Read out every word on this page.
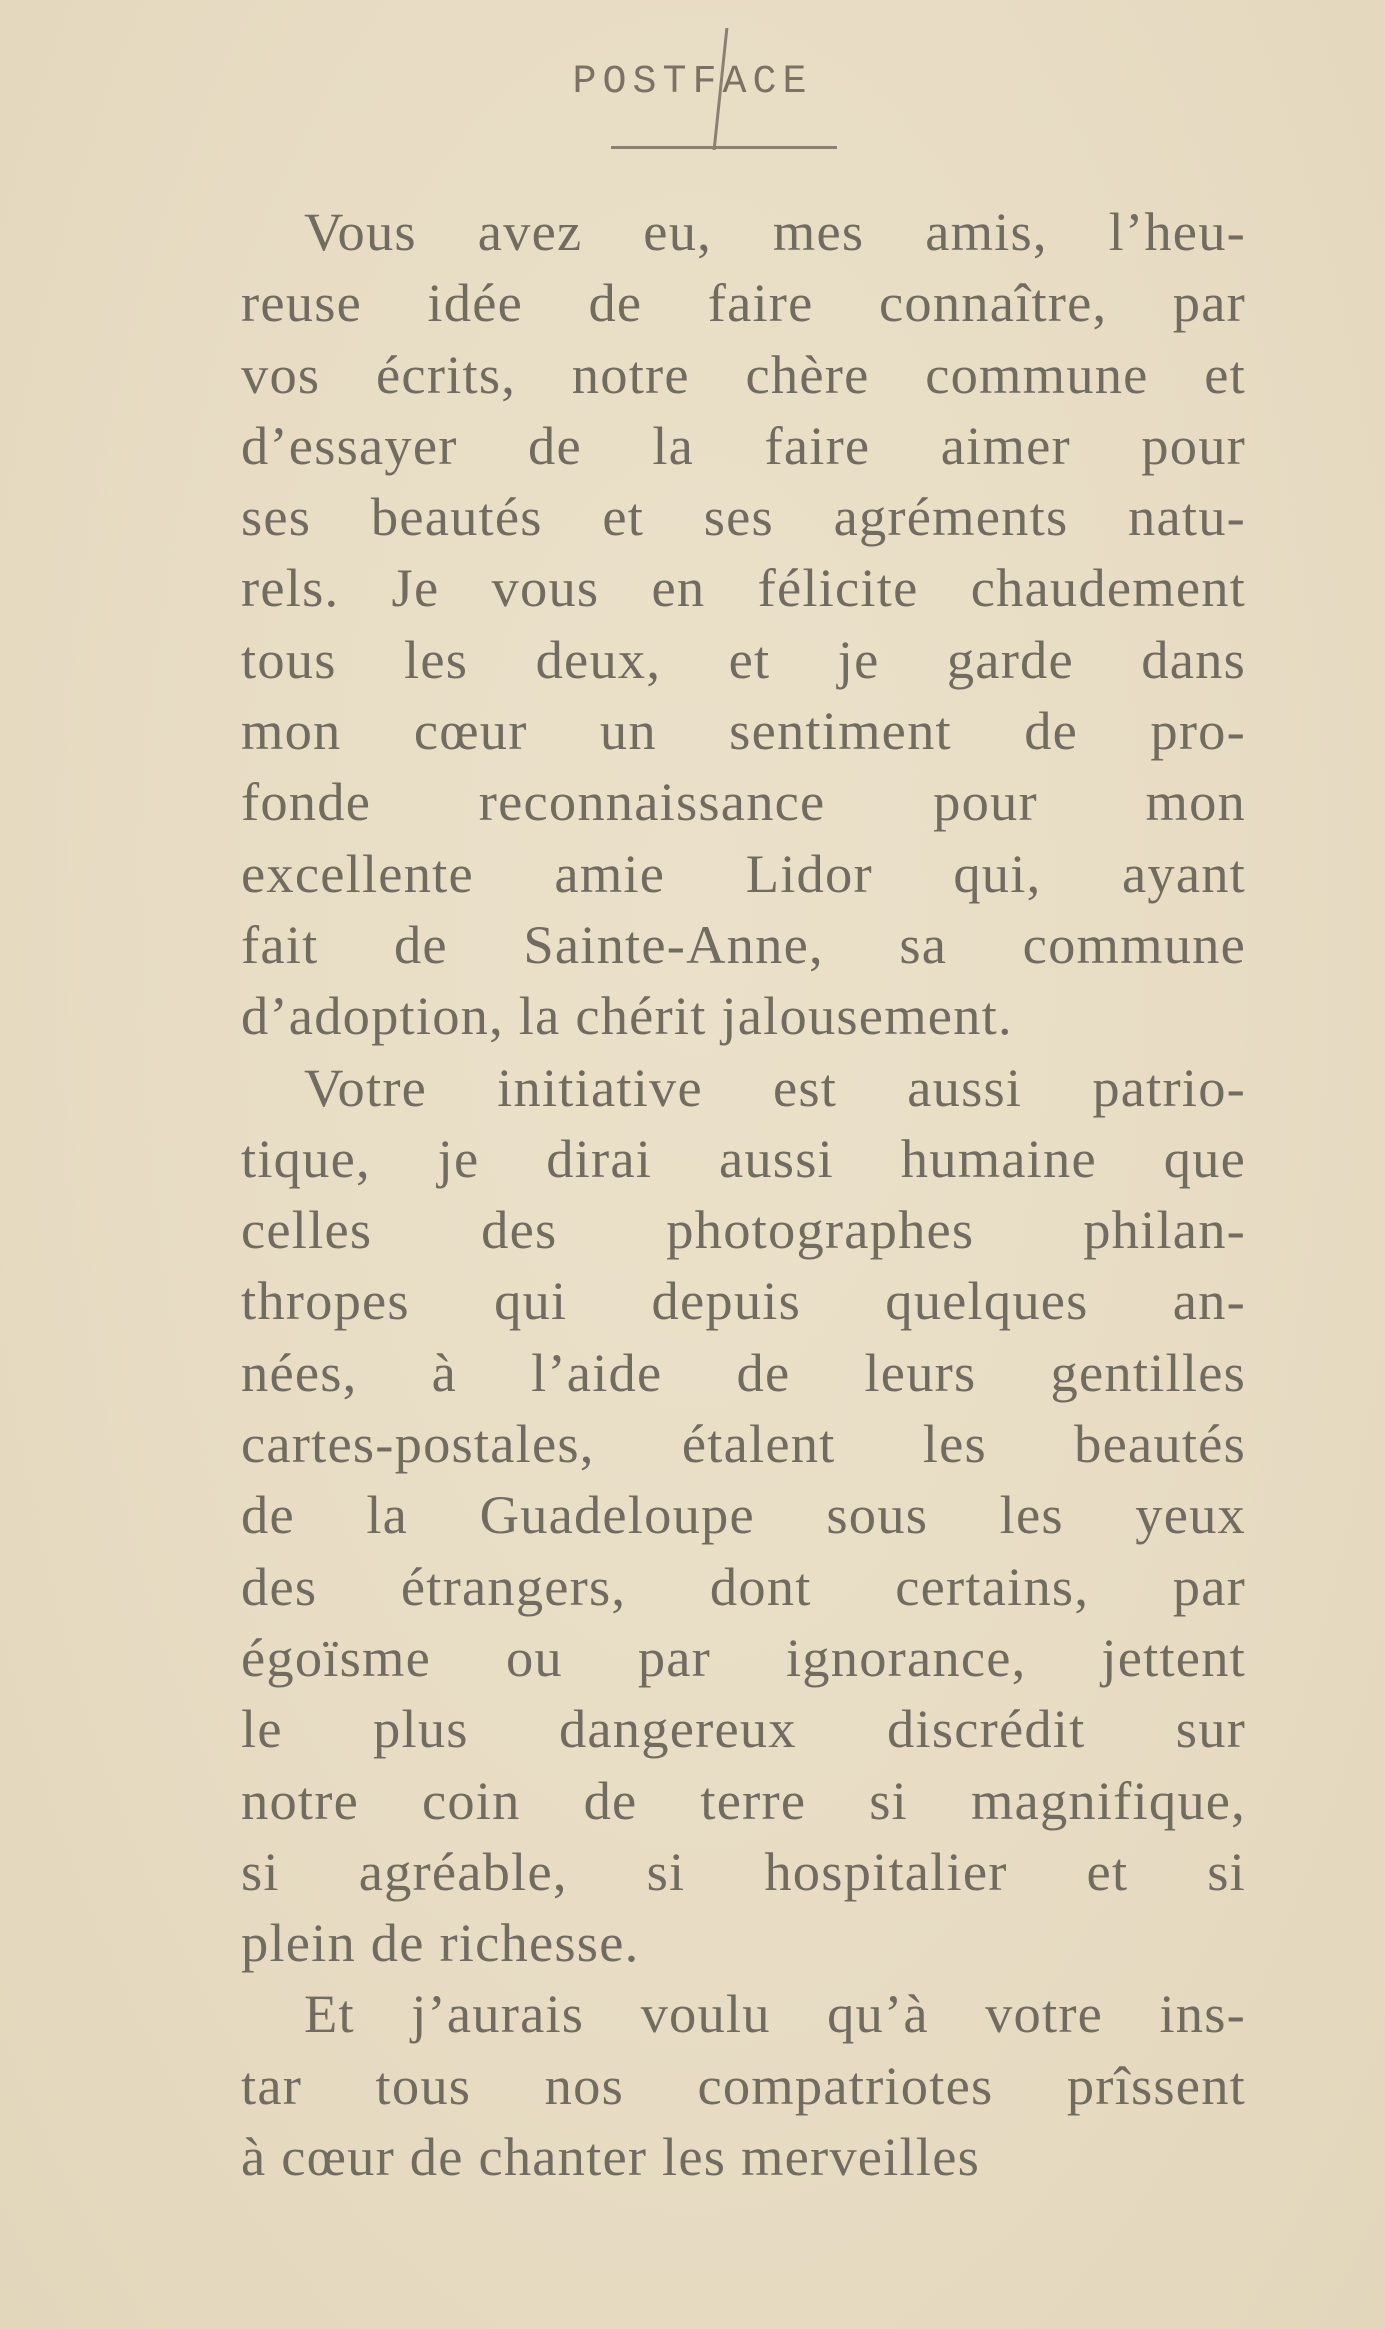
POSTFACE
Vous avez eu, mes amis, l’heu-
reuse idée de faire connaître, par
vos écrits, notre chère commune et
d’essayer de la faire aimer pour
ses beautés et ses agréments natu-
rels. Je vous en félicite chaudement
tous les deux, et je garde dans
mon cœur un sentiment de pro-
fonde reconnaissance pour mon
excellente amie Lidor qui, ayant
fait de Sainte-Anne, sa commune
d’adoption, la chérit jalousement.
Votre initiative est aussi patrio-
tique, je dirai aussi humaine que
celles des photographes philan-
thropes qui depuis quelques an-
nées, à l’aide de leurs gentilles
cartes-postales, étalent les beautés
de la Guadeloupe sous les yeux
des étrangers, dont certains, par
égoïsme ou par ignorance, jettent
le plus dangereux discrédit sur
notre coin de terre si magnifique,
si agréable, si hospitalier et si
plein de richesse.
Et j’aurais voulu qu’à votre ins-
tar tous nos compatriotes prîssent
à cœur de chanter les merveilles
